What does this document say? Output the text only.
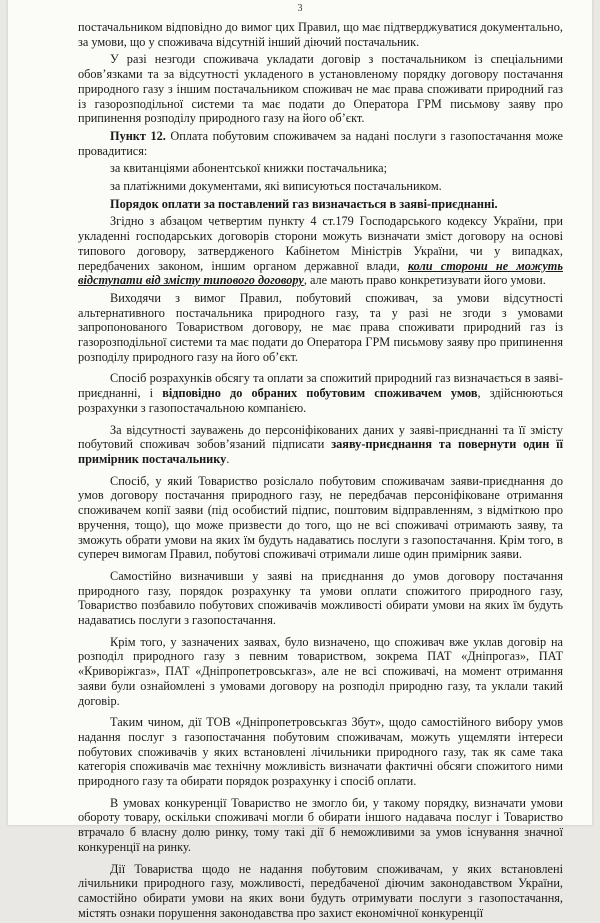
3

постачальником відповідно до вимог цих Правил, що має підтверджуватися документально, за умови, що у споживача відсутній інший діючий постачальник.

У разі незгоди споживача укладати договір з постачальником із спеціальними обов’язками та за відсутності укладеного в установленому порядку договору постачання природного газу з іншим постачальником споживач не має права споживати природний газ із газорозподільної системи та має подати до Оператора ГРМ письмову заяву про припинення розподілу природного газу на його об’єкт.

Пункт 12. Оплата побутовим споживачем за надані послуги з газопостачання може провадитися:

за квитанціями абонентської книжки постачальника;

за платіжними документами, які виписуються постачальником.

Порядок оплати за поставлений газ визначається в заяві-приєднанні.

Згідно з абзацом четвертим пункту 4 ст.179 Господарського кодексу України, при укладенні господарських договорів сторони можуть визначати зміст договору на основі типового договору, затвердженого Кабінетом Міністрів України, чи у випадках, передбачених законом, іншим органом державної влади, коли сторони не можуть відступати від змісту типового договору, але мають право конкретизувати його умови.

Виходячи з вимог Правил, побутовий споживач, за умови відсутності альтернативного постачальника природного газу, та у разі не згоди з умовами запропонованого Товариством договору, не має права споживати природний газ із газорозподільної системи та має подати до Оператора ГРМ письмову заяву про припинення розподілу природного газу на його об’єкт.

Спосіб розрахунків обсягу та оплати за спожитий природний газ визначається в заяві-приєднанні, і відповідно до обраних побутовим споживачем умов, здійснюються розрахунки з газопостачальною компанією.

За відсутності зауважень до персоніфікованих даних у заяві-приєднанні та її змісту побутовий споживач зобов’язаний підписати заяву-приєднання та повернути один її примірник постачальнику.

Спосіб, у який Товариство розіслало побутовим споживачам заяви-приєднання до умов договору постачання природного газу, не передбачав персоніфіковане отримання споживачем копії заяви (під особистий підпис, поштовим відправленням, з відміткою про вручення, тощо), що може призвести до того, що не всі споживачі отримають заяву, та зможуть обрати умови на яких їм будуть надаватись послуги з газопостачання. Крім того, в супереч вимогам Правил, побутові споживачі отримали лише один примірник заяви.

Самостійно визначивши у заяві на приєднання до умов договору постачання природного газу, порядок розрахунку та умови оплати спожитого природного газу, Товариство позбавило побутових споживачів можливості обирати умови на яких їм будуть надаватись послуги з газопостачання.

Крім того, у зазначених заявах, було визначено, що споживач вже уклав договір на розподіл природного газу з певним товариством, зокрема ПАТ «Дніпрогаз», ПАТ «Криворіжгаз», ПАТ «Дніпропетровськгаз», але не всі споживачі, на момент отримання заяви були ознайомлені з умовами договору на розподіл природню газу, та уклали такий договір.

Таким чином, дії ТОВ «Дніпропетровськгаз Збут», щодо самостійного вибору умов надання послуг з газопостачання побутовим споживачам, можуть ущемляти інтереси побутових споживачів у яких встановлені лічильники природного газу, так як саме така категорія споживачів має технічну можливість визначати фактичні обсяги спожитого ними природного газу та обирати порядок розрахунку і спосіб оплати.

В умовах конкуренції Товариство не змогло би, у такому порядку, визначати умови обороту товару, оскільки споживачі могли б обирати іншого надавача послуг і Товариство втрачало б власну долю ринку, тому такі дії б неможливими за умов існування значної конкуренції на ринку.

Дії Товариства щодо не надання побутовим споживачам, у яких встановлені лічильники природного газу, можливості, передбаченої діючим законодавством України, самостійно обирати умови на яких вони будуть отримувати послуги з газопостачання, містять ознаки порушення законодавства про захист економічної конкуренції
